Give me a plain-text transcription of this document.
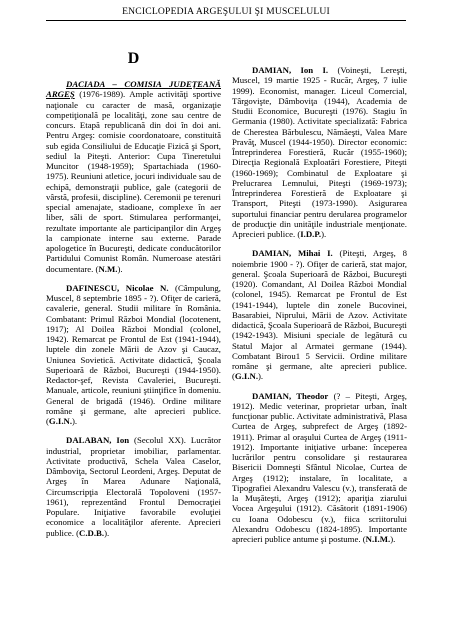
ENCICLOPEDIA ARGEŞULUI ŞI MUSCELULUI
D

DACIADA – COMISIA JUDEŢEANĂ ARGEŞ (1976-1989). Ample activităţi sportive naţionale cu caracter de masă, organizaţie competiţională pe localităţi, zone sau centre de concurs. Etapă republicană din doi în doi ani. Pentru Argeş: comisie coordonatoare, constituită sub egida Consiliului de Educaţie Fizică şi Sport, sediul la Piteşti. Anterior: Cupa Tineretului Muncitor (1948-1959); Spartachiada (1960-1975). Reuniuni atletice, jocuri individuale sau de echipă, demonstraţii publice, gale (categorii de vârstă, profesii, discipline). Ceremonii pe terenuri special amenajate, stadioane, complexe în aer liber, săli de sport. Stimularea performanţei, rezultate importante ale participanţilor din Argeş la campionate interne sau externe. Parade apologetice în Bucureşti, dedicate conducătorilor Partidului Comunist Român. Numeroase atestări documentare. (N.M.).

DAFINESCU, Nicolae N. (Câmpulung, Muscel, 8 septembrie 1895 - ?). Ofiţer de carieră, cavalerie, general. Studii militare în România. Combatant: Primul Război Mondial (locotenent, 1917); Al Doilea Război Mondial (colonel, 1942). Remarcat pe Frontul de Est (1941-1944), luptele din zonele Mării de Azov şi Caucaz, Uniunea Sovietică. Activitate didactică, Şcoala Superioară de Război, Bucureşti (1944-1950). Redactor-şef, Revista Cavaleriei, Bucureşti. Manuale, articole, reuniuni ştiinţifice în domeniu. General de brigadă (1946). Ordine militare române şi germane, alte aprecieri publice. (G.I.N.).

DALABAN, Ion (Secolul XX). Lucrător industrial, proprietar imobiliar, parlamentar. Activitate productivă, Schela Valea Caselor, Dâmboviţa, Sectorul Leordeni, Argeş. Deputat de Argeş în Marea Adunare Naţională, Circumscripţia Electorală Topoloveni (1957-1961), reprezentând Frontul Democraţiei Populare. Iniţiative favorabile evoluţiei economice a localităţilor aferente. Aprecieri publice. (C.D.B.).

DAMIAN, Ion I. (Voineşti, Lereşti, Muscel, 19 martie 1925 - Rucăr, Argeş, 7 iulie 1999). Economist, manager. Liceul Comercial, Târgovişte, Dâmboviţa (1944), Academia de Studii Economice, Bucureşti (1976). Stagiu în Germania (1980). Activitate specializată: Fabrica de Cherestea Bărbulescu, Nămăeşti, Valea Mare Pravăţ, Muscel (1944-1950). Director economic: Întreprinderea Forestieră, Rucăr (1955-1960); Direcţia Regională Exploatări Forestiere, Piteşti (1960-1969); Combinatul de Exploatare şi Prelucrarea Lemnului, Piteşti (1969-1973); Întreprinderea Forestieră de Exploatare şi Transport, Piteşti (1973-1990). Asigurarea suportului financiar pentru derularea programelor de producţie din unităţile industriale menţionate. Aprecieri publice. (I.D.P.).

DAMIAN, Mihai I. (Piteşti, Argeş, 8 noiembrie 1900 - ?). Ofiţer de carieră, stat major, general. Şcoala Superioară de Război, Bucureşti (1920). Comandant, Al Doilea Război Mondial (colonel, 1945). Remarcat pe Frontul de Est (1941-1944), luptele din zonele Bucovinei, Basarabiei, Niprului, Mării de Azov. Activitate didactică, Şcoala Superioară de Război, Bucureşti (1942-1943). Misiuni speciale de legătură cu Statul Major al Armatei germane (1944). Combatant Birou1 5 Servicii. Ordine militare române şi germane, alte aprecieri publice. (G.I.N.).

DAMIAN, Theodor (? – Piteşti, Argeş, 1912). Medic veterinar, proprietar urban, înalt funcţionar public. Activitate administrativă, Plasa Curtea de Argeş, subprefect de Argeş (1892-1911). Primar al oraşului Curtea de Argeş (1911-1912). Importante iniţiative urbane: începerea lucrărilor pentru consolidare şi restaurarea Bisericii Domneşti Sfântul Nicolae, Curtea de Argeş (1912); instalare, în localitate, a Tipografiei Alexandru Valescu (v.), transferată de la Muşăteşti, Argeş (1912); apariţia ziarului Vocea Argeşului (1912). Căsătorit (1891-1906) cu Ioana Odobescu (v.), fiica scriitorului Alexandru Odobescu (1824-1895). Importante aprecieri publice antume şi postume. (N.I.M.).
